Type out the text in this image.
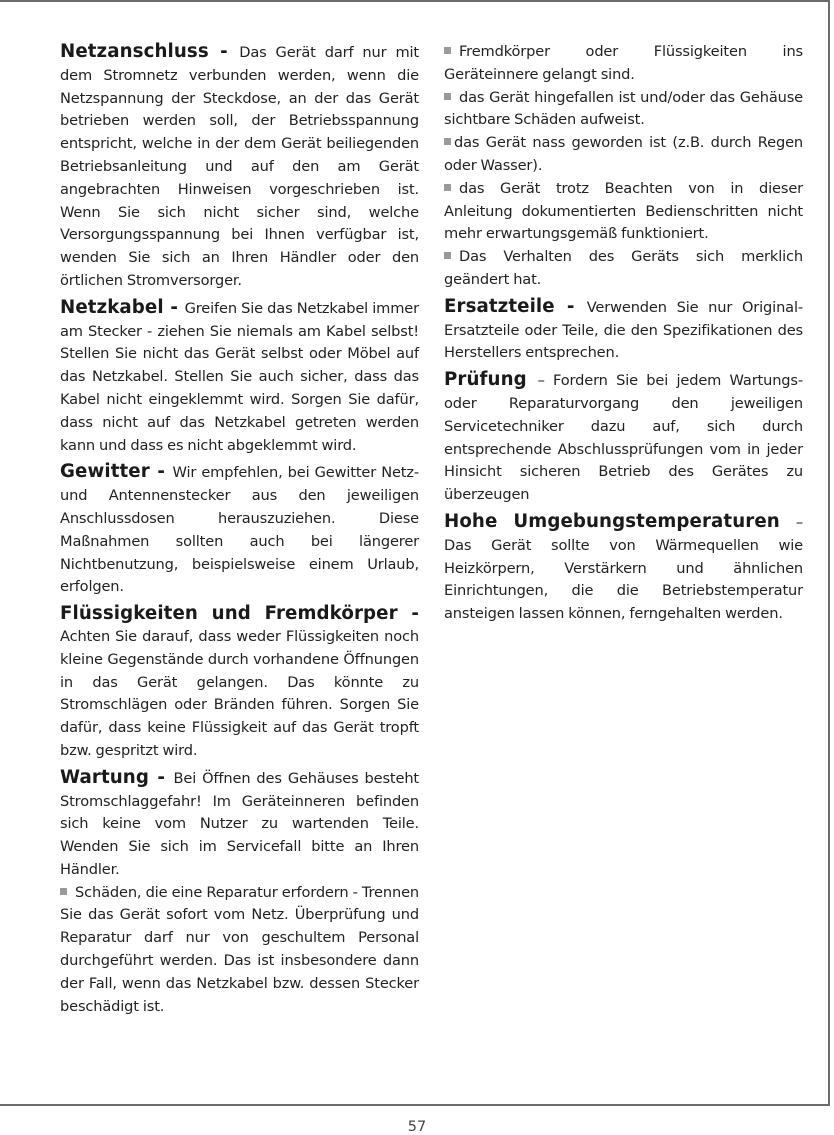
Netzanschluss - Das Gerät darf nur mit dem Stromnetz verbunden werden, wenn die Netzspannung der Steckdose, an der das Gerät betrieben werden soll, der Betriebsspannung entspricht, welche in der dem Gerät beiliegenden Betriebsanleitung und auf den am Gerät angebrachten Hinweisen vorgeschrieben ist. Wenn Sie sich nicht sicher sind, welche Versorgungsspannung bei Ihnen verfügbar ist, wenden Sie sich an Ihren Händler oder den örtlichen Stromversorger.
Netzkabel - Greifen Sie das Netzkabel immer am Stecker - ziehen Sie niemals am Kabel selbst! Stellen Sie nicht das Gerät selbst oder Möbel auf das Netzkabel. Stellen Sie auch sicher, dass das Kabel nicht eingeklemmt wird. Sorgen Sie dafür, dass nicht auf das Netzkabel getreten werden kann und dass es nicht abgeklemmt wird.
Gewitter - Wir empfehlen, bei Gewitter Netz- und Antennenstecker aus den jeweiligen Anschlussdosen herauszuziehen. Diese Maßnahmen sollten auch bei längerer Nichtbenutzung, beispielsweise einem Urlaub, erfolgen.
Flüssigkeiten und Fremdkörper -
Achten Sie darauf, dass weder Flüssigkeiten noch kleine Gegenstände durch vorhandene Öffnungen in das Gerät gelangen. Das könnte zu Stromschlägen oder Bränden führen. Sorgen Sie dafür, dass keine Flüssigkeit auf das Gerät tropft bzw. gespritzt wird.
Wartung - Bei Öffnen des Gehäuses besteht Stromschlaggefahr! Im Geräteinneren befinden sich keine vom Nutzer zu wartenden Teile. Wenden Sie sich im Servicefall bitte an Ihren Händler.
Schäden, die eine Reparatur erfordern - Trennen Sie das Gerät sofort vom Netz. Überprüfung und Reparatur darf nur von geschultem Personal durchgeführt werden. Das ist insbesondere dann der Fall, wenn das Netzkabel bzw. dessen Stecker beschädigt ist.
Fremdkörper oder Flüssigkeiten ins Geräteinnere gelangt sind.
das Gerät hingefallen ist und/oder das Gehäuse sichtbare Schäden aufweist.
das Gerät nass geworden ist (z.B. durch Regen oder Wasser).
das Gerät trotz Beachten von in dieser Anleitung dokumentierten Bedienschritten nicht mehr erwartungsgemäß funktioniert.
Das Verhalten des Geräts sich merklich geändert hat.
Ersatzteile - Verwenden Sie nur Original-Ersatzteile oder Teile, die den Spezifikationen des Herstellers entsprechen.
Prüfung – Fordern Sie bei jedem Wartungs- oder Reparaturvorgang den jeweiligen Servicetechniker dazu auf, sich durch entsprechende Abschlussprüfungen vom in jeder Hinsicht sicheren Betrieb des Gerätes zu überzeugen
Hohe Umgebungstemperaturen – Das Gerät sollte von Wärmequellen wie Heizkörpern, Verstärkern und ähnlichen Einrichtungen, die die Betriebstemperatur ansteigen lassen können, ferngehalten werden.
57
